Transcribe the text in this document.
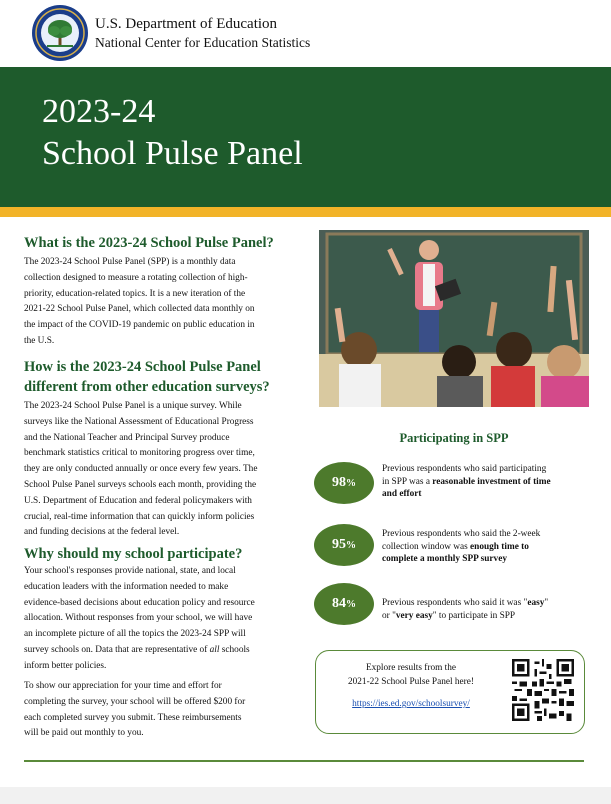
U.S. Department of Education
National Center for Education Statistics
2023-24
School Pulse Panel
What is the 2023-24 School Pulse Panel?
The 2023-24 School Pulse Panel (SPP) is a monthly data
collection designed to measure a rotating collection of high-
priority, education-related topics. It is a new iteration of the
2021-22 School Pulse Panel, which collected data monthly on
the impact of the COVID-19 pandemic on public education in
the U.S.
How is the 2023-24 School Pulse Panel
different from other education surveys?
The 2023-24 School Pulse Panel is a unique survey. While
surveys like the National Assessment of Educational Progress
and the National Teacher and Principal Survey produce
benchmark statistics critical to monitoring progress over time,
they are only conducted annually or once every few years. The
School Pulse Panel surveys schools each month, providing the
U.S. Department of Education and federal policymakers with
crucial, real-time information that can quickly inform policies
and funding decisions at the federal level.
Why should my school participate?
Your school's responses provide national, state, and local
education leaders with the information needed to make
evidence-based decisions about education policy and resource
allocation. Without responses from your school, we will have
an incomplete picture of all the topics the 2023-24 SPP will
survey schools on. Data that are representative of all schools
inform better policies.
To show our appreciation for your time and effort for
completing the survey, your school will be offered $200 for
each completed survey you submit. These reimbursements
will be paid out monthly to you.
Participating in SPP
98%
Previous respondents who said participating
in SPP was a reasonable investment of time
and effort
95%
Previous respondents who said the 2-week
collection window was enough time to
complete a monthly SPP survey
84%	Previous respondents who said it was "easy"
or "very easy" to participate in SPP
Explore results from the
2021-22 School Pulse Panel here!
https://ies.ed.gov/schoolsurvey/
